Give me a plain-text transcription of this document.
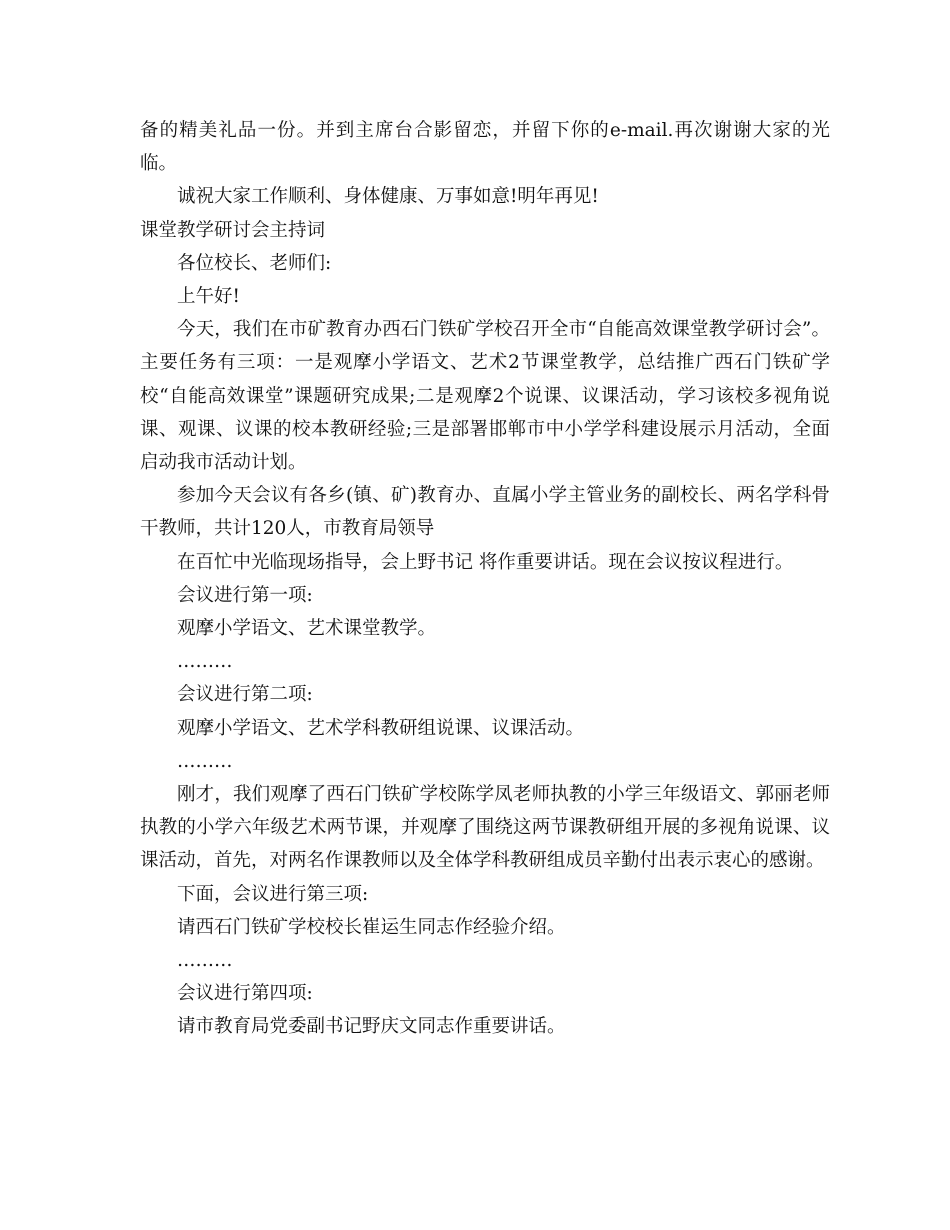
备的精美礼品一份。并到主席台合影留恋，并留下你的e-mail.再次谢谢大家的光临。

诚祝大家工作顺利、身体健康、万事如意!明年再见!

课堂教学研讨会主持词

各位校长、老师们:

上午好!

今天，我们在市矿教育办西石门铁矿学校召开全市“自能高效课堂教学研讨会”。主要任务有三项：一是观摩小学语文、艺术2节课堂教学，总结推广西石门铁矿学校“自能高效课堂”课题研究成果;二是观摩2个说课、议课活动，学习该校多视角说课、观课、议课的校本教研经验;三是部署邯郸市中小学学科建设展示月活动，全面启动我市活动计划。

参加今天会议有各乡(镇、矿)教育办、直属小学主管业务的副校长、两名学科骨干教师，共计120人，市教育局领导

在百忙中光临现场指导，会上野书记 将作重要讲话。现在会议按议程进行。

会议进行第一项:

观摩小学语文、艺术课堂教学。

………

会议进行第二项:

观摩小学语文、艺术学科教研组说课、议课活动。

………

刚才，我们观摩了西石门铁矿学校陈学凤老师执教的小学三年级语文、郭丽老师执教的小学六年级艺术两节课，并观摩了围绕这两节课教研组开展的多视角说课、议课活动，首先，对两名作课教师以及全体学科教研组成员辛勤付出表示衷心的感谢。

下面，会议进行第三项:

请西石门铁矿学校校长崔运生同志作经验介绍。

………

会议进行第四项:

请市教育局党委副书记野庆文同志作重要讲话。
